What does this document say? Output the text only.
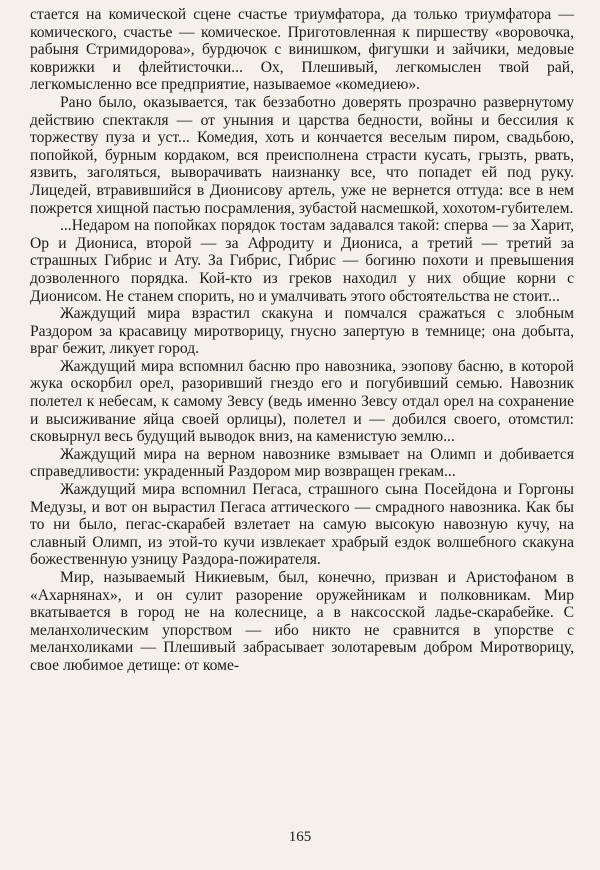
стается на комической сцене счастье триумфатора, да только триумфатора — комического, счастье — комическое. Приготовленная к пиршеству «воровочка, рабыня Стримидорова», бурдючок с винишком, фигушки и зайчики, медовые коврижки и флейтисточки... Ох, Плешивый, легкомыслен твой рай, легкомысленно все предприятие, называемое «комедиею».

Рано было, оказывается, так беззаботно доверять прозрачно развернутому действию спектакля — от уныния и царства бедности, войны и бессилия к торжеству пуза и уст... Комедия, хоть и кончается веселым пиром, свадьбою, попойкой, бурным кордаком, вся преисполнена страсти кусать, грызть, рвать, язвить, заголяться, выворачивать наизнанку все, что попадет ей под руку. Лицедей, втравившийся в Дионисову артель, уже не вернется оттуда: все в нем пожрется хищной пастью посрамления, зубастой насмешкой, хохотом-губителем.

...Недаром на попойках порядок тостам задавался такой: сперва — за Харит, Ор и Диониса, второй — за Афродиту и Диониса, а третий — третий за страшных Гибрис и Ату. За Гибрис, Гибрис — богиню похоти и превышения дозволенного порядка. Кой-кто из греков находил у них общие корни с Дионисом. Не станем спорить, но и умалчивать этого обстоятельства не стоит...

Жаждущий мира взрастил скакуна и помчался сражаться с злобным Раздором за красавицу миротворицу, гнусно запертую в темнице; она добыта, враг бежит, ликует город.

Жаждущий мира вспомнил басню про навозника, эзопову басню, в которой жука оскорбил орел, разоривший гнездо его и погубивший семью. Навозник полетел к небесам, к самому Зевсу (ведь именно Зевсу отдал орел на сохранение и высиживание яйца своей орлицы), полетел и — добился своего, отомстил: сковырнул весь будущий выводок вниз, на каменистую землю...

Жаждущий мира на верном навознике взмывает на Олимп и добивается справедливости: украденный Раздором мир возвращен грекам...

Жаждущий мира вспомнил Пегаса, страшного сына Посейдона и Горгоны Медузы, и вот он вырастил Пегаса аттического — смрадного навозника. Как бы то ни было, пегас-скарабей взлетает на самую высокую навозную кучу, на славный Олимп, из этой-то кучи извлекает храбрый ездок волшебного скакуна божественную узницу Раздора-пожирателя.

Мир, называемый Никиевым, был, конечно, призван и Аристофаном в «Ахарнянах», и он сулит разорение оружейникам и полковникам. Мир вкатывается в город не на колеснице, а в наксосской ладье-скарабейке. С меланхолическим упорством — ибо никто не сравнится в упорстве с меланхоликами — Плешивый забрасывает золотаревым добром Миротворицу, свое любимое детище: от коме-

165
